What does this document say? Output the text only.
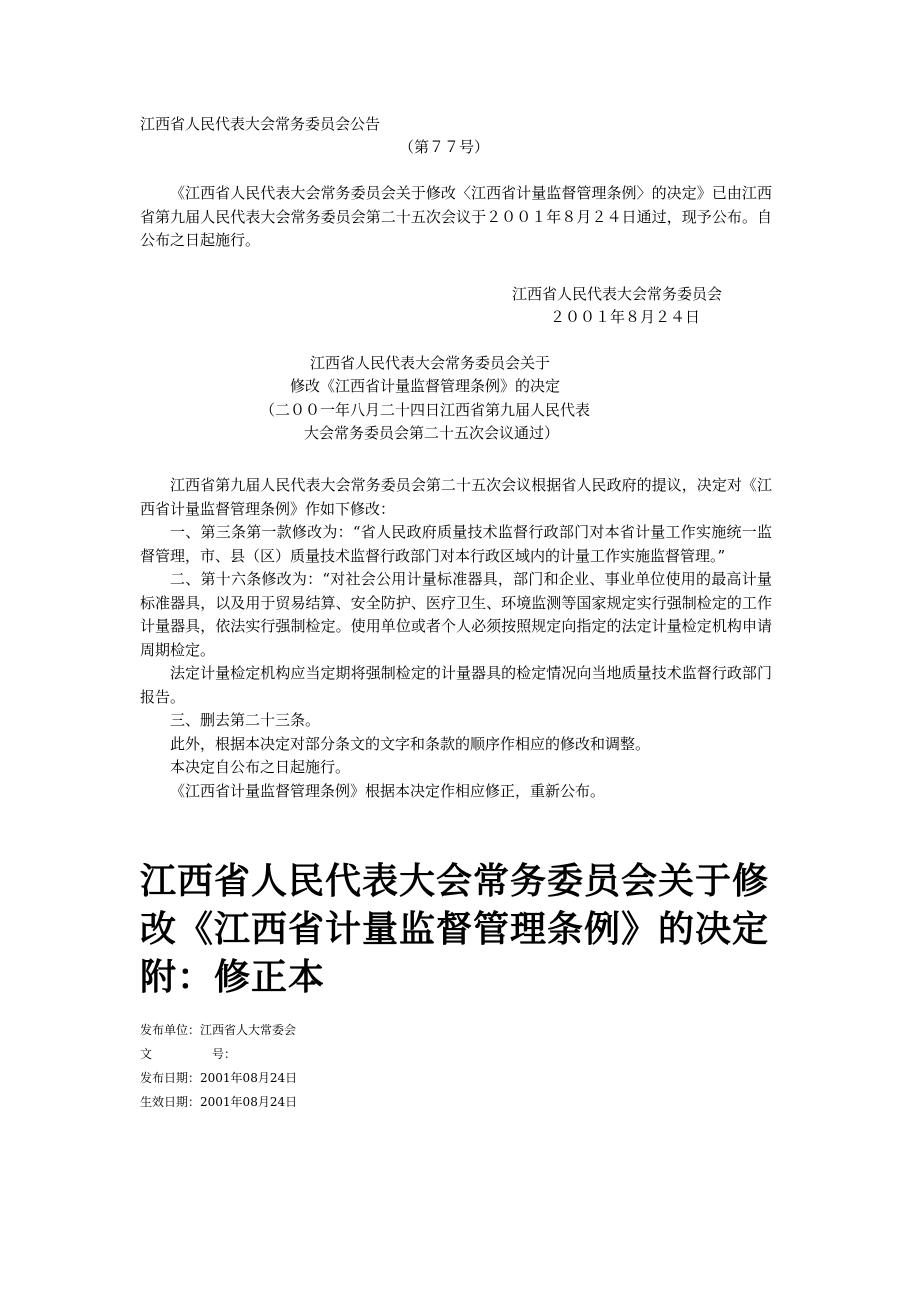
江西省人民代表大会常务委员会公告
（第７７号）
《江西省人民代表大会常务委员会关于修改〈江西省计量监督管理条例〉的决定》已由江西省第九届人民代表大会常务委员会第二十五次会议于２００１年８月２４日通过，现予公布。自公布之日起施行。
江西省人民代表大会常务委员会
２００１年８月２４日
江西省人民代表大会常务委员会关于
修改《江西省计量监督管理条例》的决定
（二００一年八月二十四日江西省第九届人民代表
大会常务委员会第二十五次会议通过）
江西省第九届人民代表大会常务委员会第二十五次会议根据省人民政府的提议，决定对《江西省计量监督管理条例》作如下修改：
一、第三条第一款修改为：“省人民政府质量技术监督行政部门对本省计量工作实施统一监督管理，市、县（区）质量技术监督行政部门对本行政区域内的计量工作实施监督管理。”
二、第十六条修改为：“对社会公用计量标准器具，部门和企业、事业单位使用的最高计量标准器具，以及用于贸易结算、安全防护、医疗卫生、环境监测等国家规定实行强制检定的工作计量器具，依法实行强制检定。使用单位或者个人必须按照规定向指定的法定计量检定机构申请周期检定。
法定计量检定机构应当定期将强制检定的计量器具的检定情况向当地质量技术监督行政部门报告。
三、删去第二十三条。
此外，根据本决定对部分条文的文字和条款的顺序作相应的修改和调整。
本决定自公布之日起施行。
《江西省计量监督管理条例》根据本决定作相应修正，重新公布。
江西省人民代表大会常务委员会关于修改《江西省计量监督管理条例》的决定附：修正本
发布单位：江西省人大常委会
文　　　　　号：
发布日期：2001年08月24日
生效日期：2001年08月24日
